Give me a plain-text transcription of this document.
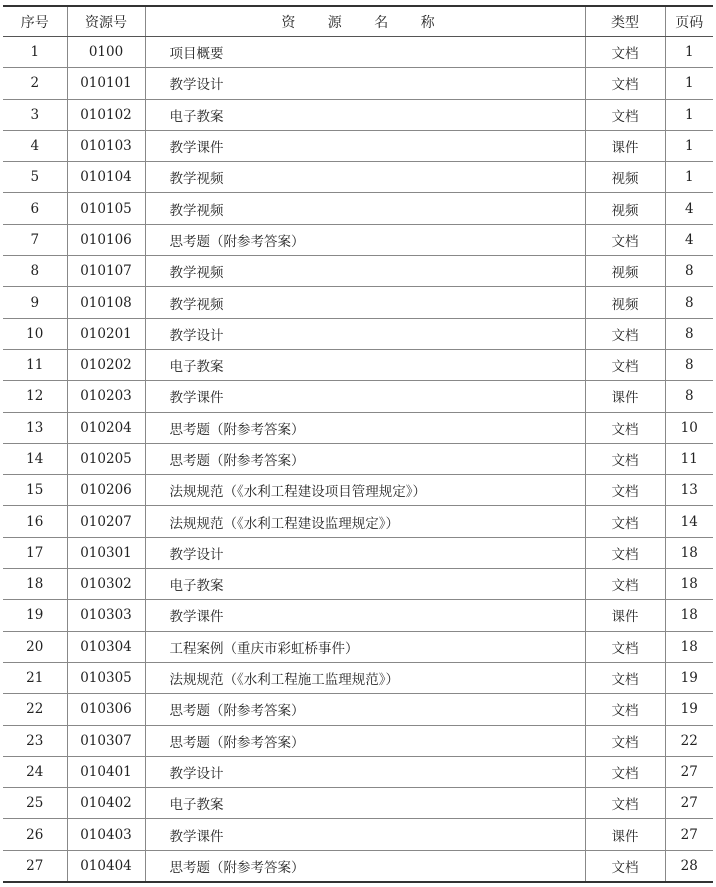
序号	资源号	资 源 名 称	类型	页码
1	0100	项目概要	文档	1
2	010101	教学设计	文档	1
3	010102	电子教案	文档	1
4	010103	教学课件	课件	1
5	010104	教学视频	视频	1
6	010105	教学视频	视频	4
7	010106	思考题（附参考答案）	文档	4
8	010107	教学视频	视频	8
9	010108	教学视频	视频	8
10	010201	教学设计	文档	8
11	010202	电子教案	文档	8
12	010203	教学课件	课件	8
13	010204	思考题（附参考答案）	文档	10
14	010205	思考题（附参考答案）	文档	11
15	010206	法规规范（《水利工程建设项目管理规定》）	文档	13
16	010207	法规规范（《水利工程建设监理规定》）	文档	14
17	010301	教学设计	文档	18
18	010302	电子教案	文档	18
19	010303	教学课件	课件	18
20	010304	工程案例（重庆市彩虹桥事件）	文档	18
21	010305	法规规范（《水利工程施工监理规范》）	文档	19
22	010306	思考题（附参考答案）	文档	19
23	010307	思考题（附参考答案）	文档	22
24	010401	教学设计	文档	27
25	010402	电子教案	文档	27
26	010403	教学课件	课件	27
27	010404	思考题（附参考答案）	文档	28
